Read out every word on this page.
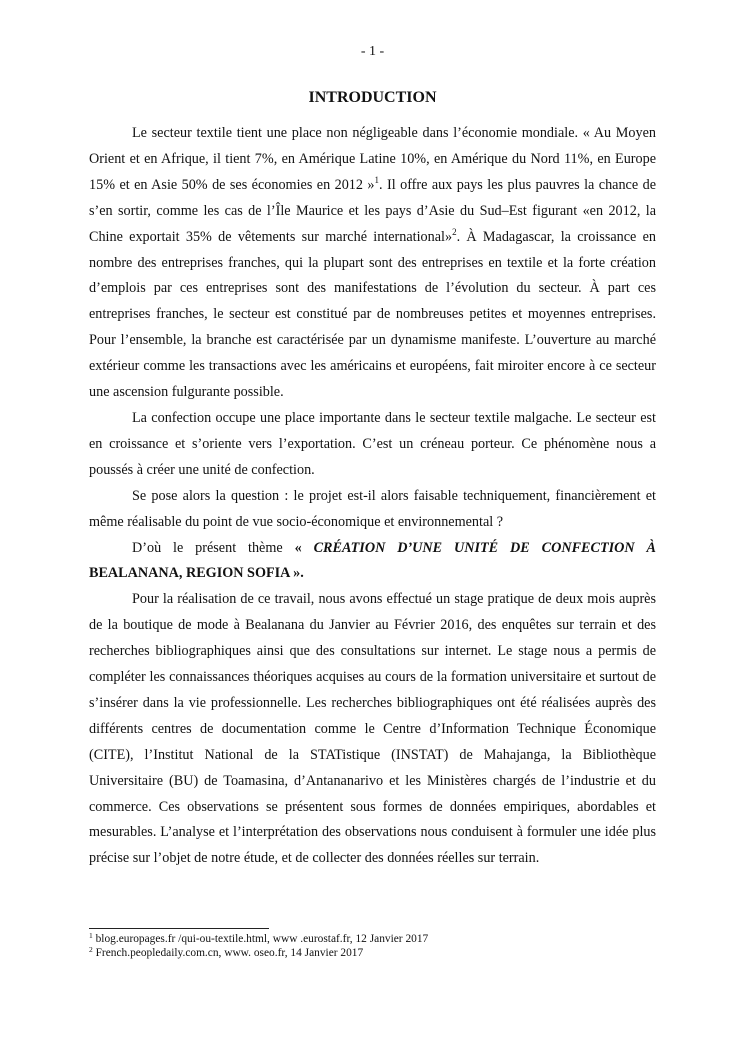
- 1 -
INTRODUCTION

Le secteur textile tient une place non négligeable dans l’économie mondiale. « Au Moyen Orient et en Afrique, il tient 7%, en Amérique Latine 10%, en Amérique du Nord 11%, en Europe 15% et en Asie 50% de ses économies en 2012 »$^1$. Il offre aux pays les plus pauvres la chance de s’en sortir, comme les cas de l’Île Maurice et les pays d’Asie du Sud–Est figurant «en 2012, la Chine exportait 35% de vêtements sur marché international»$^2$. À Madagascar, la croissance en nombre des entreprises franches, qui la plupart sont des entreprises en textile et la forte création d’emplois par ces entreprises sont des manifestations de l’évolution du secteur. À part ces entreprises franches, le secteur est constitué par de nombreuses petites et moyennes entreprises. Pour l’ensemble, la branche est caractérisée par un dynamisme manifeste. L’ouverture au marché extérieur comme les transactions avec les américains et européens, fait miroiter encore à ce secteur une ascension fulgurante possible.

La confection occupe une place importante dans le secteur textile malgache. Le secteur est en croissance et s’oriente vers l’exportation. C’est un créneau porteur. Ce phénomène nous a poussés à créer une unité de confection.

Se pose alors la question : le projet est-il alors faisable techniquement, financièrement et même réalisable du point de vue socio-économique et environnemental ?

D’où le présent thème « CRÉATION D’UNE UNITÉ DE CONFECTION À BEALANANA, REGION SOFIA ».

Pour la réalisation de ce travail, nous avons effectué un stage pratique de deux mois auprès de la boutique de mode à Bealanana du Janvier au Février 2016, des enquêtes sur terrain et des recherches bibliographiques ainsi que des consultations sur internet. Le stage nous a permis de compléter les connaissances théoriques acquises au cours de la formation universitaire et surtout de s’insérer dans la vie professionnelle. Les recherches bibliographiques ont été réalisées auprès des différents centres de documentation comme le Centre d’Information Technique Économique (CITE), l’Institut National de la STATistique (INSTAT) de Mahajanga, la Bibliothèque Universitaire (BU) de Toamasina, d’Antananarivo et les Ministères chargés de l’industrie et du commerce. Ces observations se présentent sous formes de données empiriques, abordables et mesurables. L’analyse et l’interprétation des observations nous conduisent à formuler une idée plus précise sur l’objet de notre étude, et de collecter des données réelles sur terrain.

$^1$ blog.europages.fr /qui-ou-textile.html, www .eurostaf.fr, 12 Janvier 2017
$^2$ French.peopledaily.com.cn, www. oseo.fr, 14 Janvier 2017
